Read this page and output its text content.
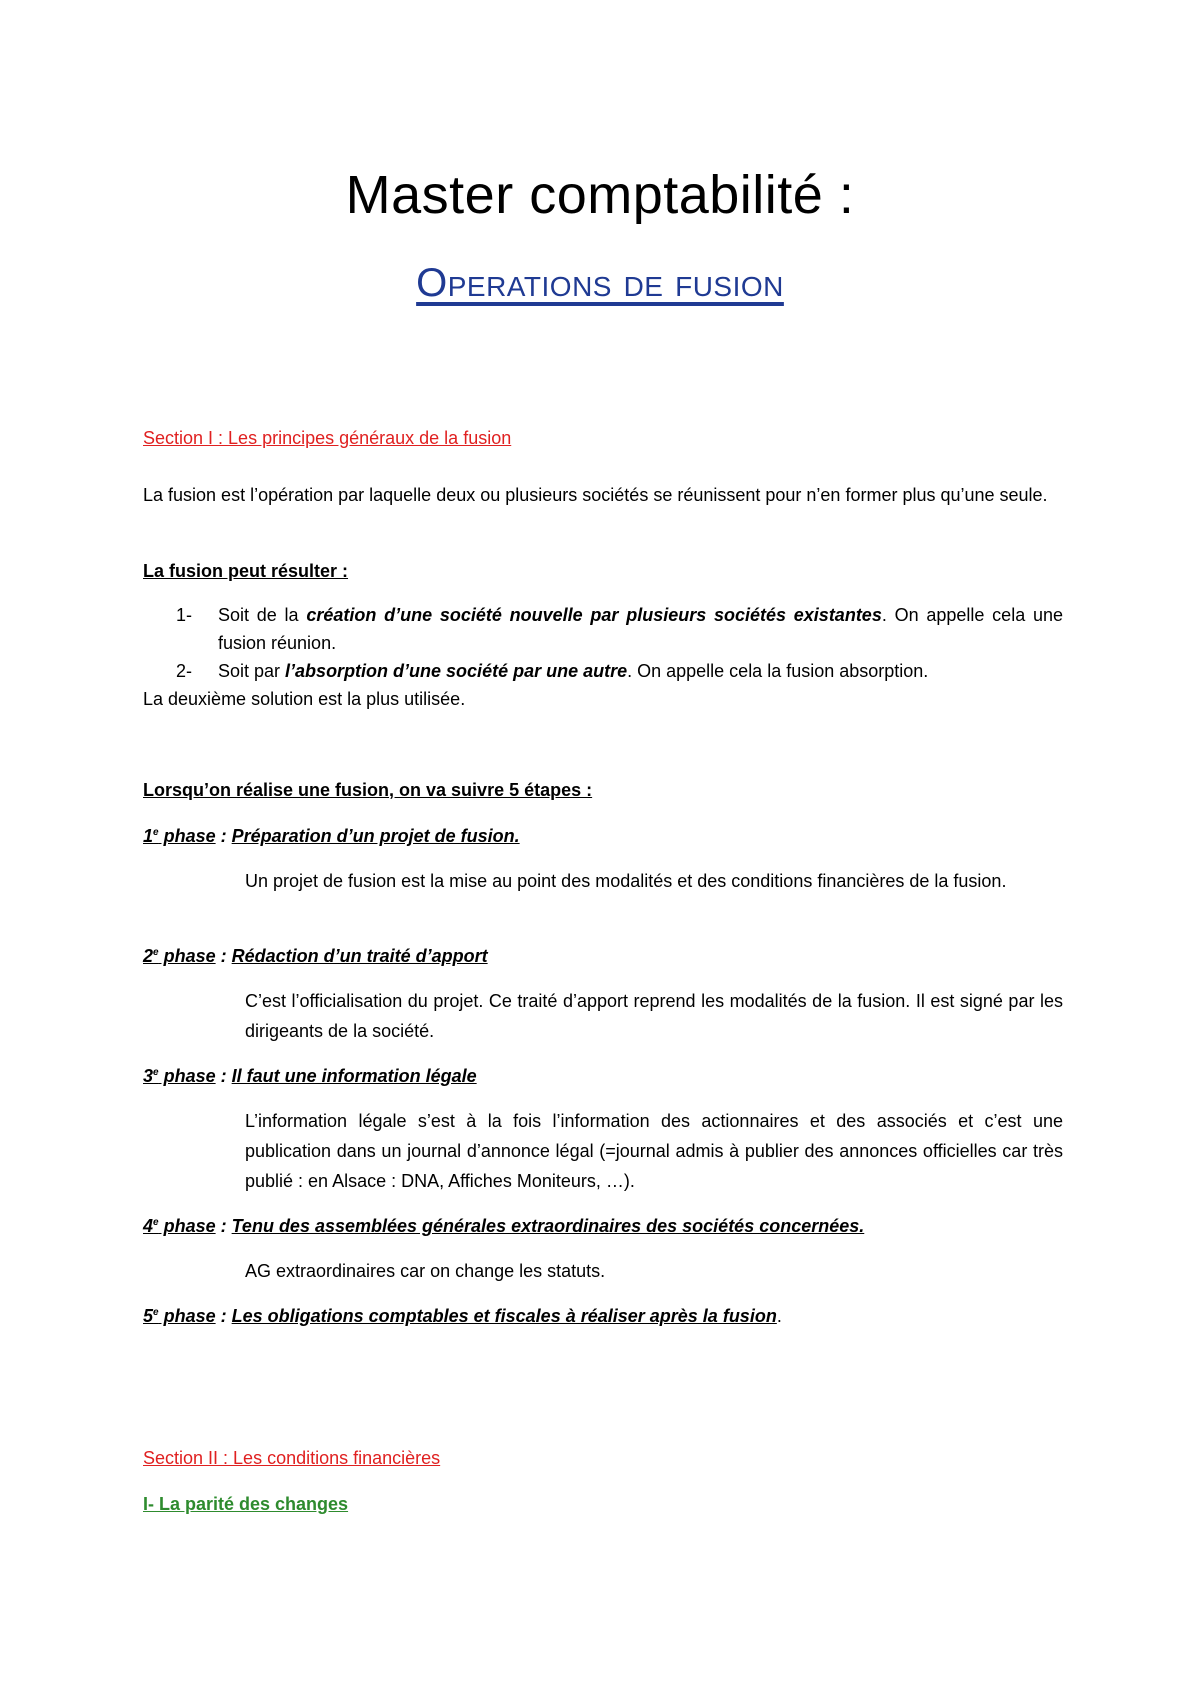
Master comptabilité :
Operations de fusion

Section I : Les principes généraux de la fusion

La fusion est l’opération par laquelle deux ou plusieurs sociétés se réunissent pour n’en former plus qu’une seule.

La fusion peut résulter :

1- Soit de la création d’une société nouvelle par plusieurs sociétés existantes. On appelle cela une fusion réunion.
2- Soit par l’absorption d’une société par une autre. On appelle cela la fusion absorption.

La deuxième solution est la plus utilisée.

Lorsqu’on réalise une fusion, on va suivre 5 étapes :

1e phase : Préparation d’un projet de fusion.

Un projet de fusion est la mise au point des modalités et des conditions financières de la fusion.

2e phase : Rédaction d’un traité d’apport

C’est l’officialisation du projet. Ce traité d’apport reprend les modalités de la fusion. Il est signé par les dirigeants de la société.

3e phase : Il faut une information légale

L’information légale s’est à la fois l’information des actionnaires et des associés et c’est une publication dans un journal d’annonce légal (=journal admis à publier des annonces officielles car très publié : en Alsace : DNA, Affiches Moniteurs, …).

4e phase : Tenu des assemblées générales extraordinaires des sociétés concernées.

AG extraordinaires car on change les statuts.

5e phase : Les obligations comptables et fiscales à réaliser après la fusion.

Section II : Les conditions financières

I- La parité des changes
